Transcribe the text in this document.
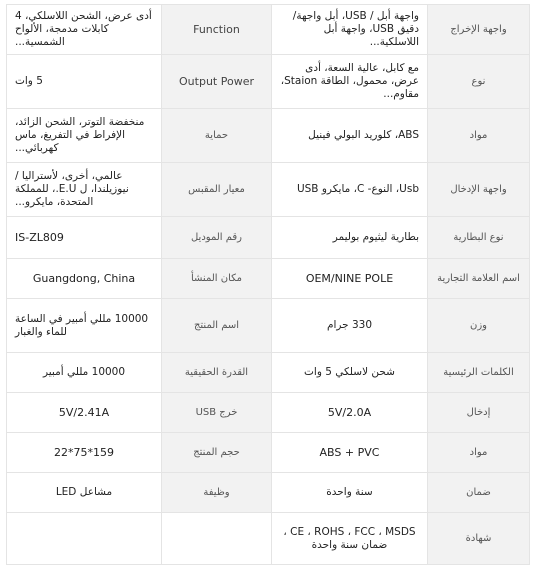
أدى عرض، الشحن اللاسلكي، 4 كابلات مدمجة، الألواح الشمسية...	Function	واجهة أبل / USB، أبل واجهة/ دقيق USB، واجهة أبل اللاسلكية...	واجهة الإخراج

5 وات	Output Power	مع كابل، عالية السعة، أدى عرض، محمول، الطاقة Staion، مقاوم...	نوع

منخفضة التوتر، الشحن الزائد، الإفراط في التفريغ، ماس كهربائي...	حماية	ABS، كلوريد البولي فينيل	مواد

عالمي، أخرى، لأستراليا / نيوزيلندا، ل E.U.، للمملكة المتحدة، مايكرو...	معيار المقبس	Usb، النوع- C، مايكرو USB	واجهة الإدخال

IS-ZL809	رقم الموديل	بطارية ليثيوم بوليمر	نوع البطارية

Guangdong, China	مكان المنشأ	OEM/NINE POLE	اسم العلامة التجارية

10000 مللي أمبير في الساعة للماء والغبار	اسم المنتج	330 جرام	وزن

10000 مللي أمبير	القدرة الحقيقية	شحن لاسلكي 5 وات	الكلمات الرئيسية

5V/2.41A	USB خرج	5V/2.0A	إدخال

22*75*159	حجم المنتج	ABS + PVC	مواد

مشاعل LED	وظيفة	سنة واحدة	ضمان

		CE ، ROHS ، FCC ، MSDS ، ضمان سنة واحدة	شهادة
